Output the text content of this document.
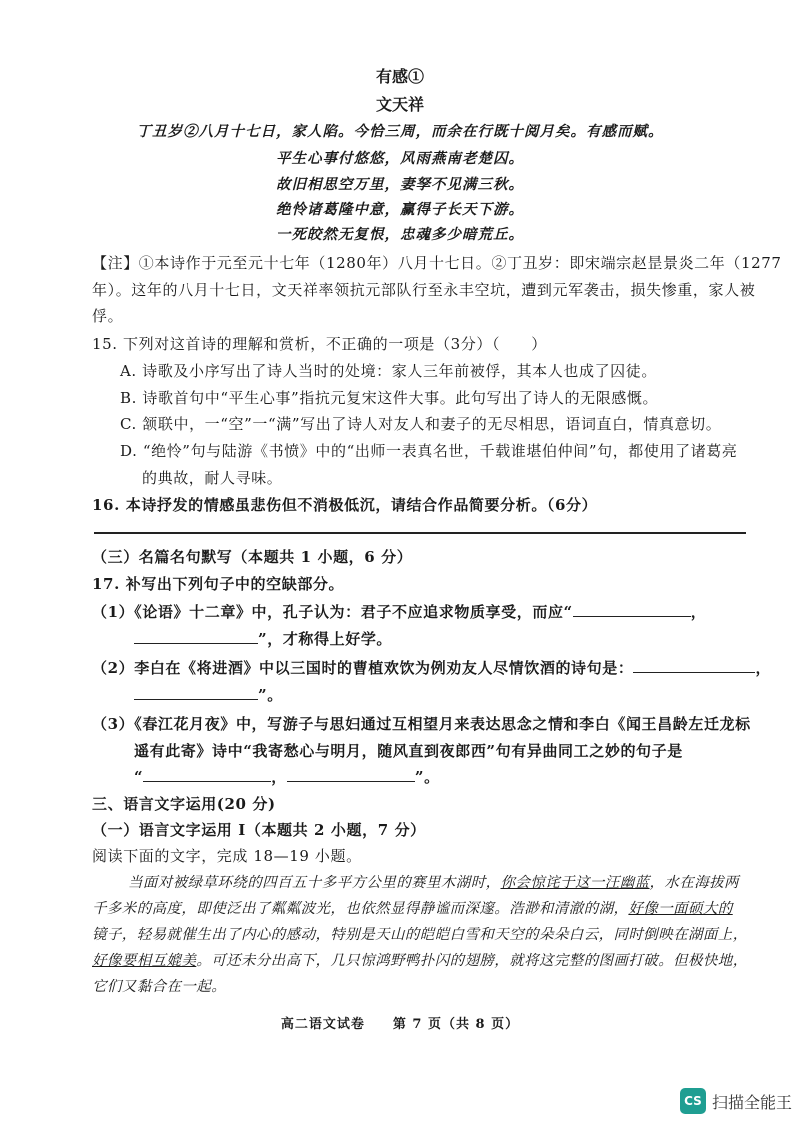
有感①
文天祥
丁丑岁②八月十七日，家人陷。今恰三周，而余在行既十阅月矣。有感而赋。
平生心事付悠悠，风雨燕南老楚囚。
故旧相思空万里，妻孥不见满三秋。
绝怜诸葛隆中意，赢得子长天下游。
一死皎然无复恨，忠魂多少暗荒丘。
【注】①本诗作于元至元十七年（1280年）八月十七日。②丁丑岁：即宋端宗赵昰景炎二年（1277
年）。这年的八月十七日，文天祥率领抗元部队行至永丰空坑，遭到元军袭击，损失惨重，家人被
俘。
15. 下列对这首诗的理解和赏析，不正确的一项是（3分）（　　）
A. 诗歌及小序写出了诗人当时的处境：家人三年前被俘，其本人也成了囚徒。
B. 诗歌首句中“平生心事”指抗元复宋这件大事。此句写出了诗人的无限感慨。
C. 颔联中，一“空”一“满”写出了诗人对友人和妻子的无尽相思，语词直白，情真意切。
D. “绝怜”句与陆游《书愤》中的“出师一表真名世，千载谁堪伯仲间”句，都使用了诸葛亮
的典故，耐人寻味。
16. 本诗抒发的情感虽悲伤但不消极低沉，请结合作品简要分析。（6分）
（三）名篇名句默写（本题共 1 小题，6 分）
17. 补写出下列句子中的空缺部分。
（1）《论语》十二章》中，孔子认为：君子不应追求物质享受，而应“	，
”，才称得上好学。
（2）李白在《将进酒》中以三国时的曹植欢饮为例劝友人尽情饮酒的诗句是：	，
”。
（3）《春江花月夜》中，写游子与思妇通过互相望月来表达思念之情和李白《闻王昌龄左迁龙标
遥有此寄》诗中“我寄愁心与明月，随风直到夜郎西”句有异曲同工之妙的句子是
“	，	”。
三、语言文字运用(20 分)
（一）语言文字运用 I（本题共 2 小题，7 分）
阅读下面的文字，完成 18—19 小题。
当面对被绿草环绕的四百五十多平方公里的赛里木湖时，你会惊诧于这一汪幽蓝，水在海拔两
千多米的高度，即使泛出了粼粼波光，也依然显得静谧而深邃。浩渺和清澈的湖，好像一面硕大的
镜子，轻易就催生出了内心的感动，特别是天山的皑皑白雪和天空的朵朵白云，同时倒映在湖面上，
好像要相互媲美。可还未分出高下，几只惊鸿野鸭扑闪的翅膀，就将这完整的图画打破。但极快地，
它们又黏合在一起。
高二语文试卷　　第 7 页（共 8 页）
CS 扫描全能王
